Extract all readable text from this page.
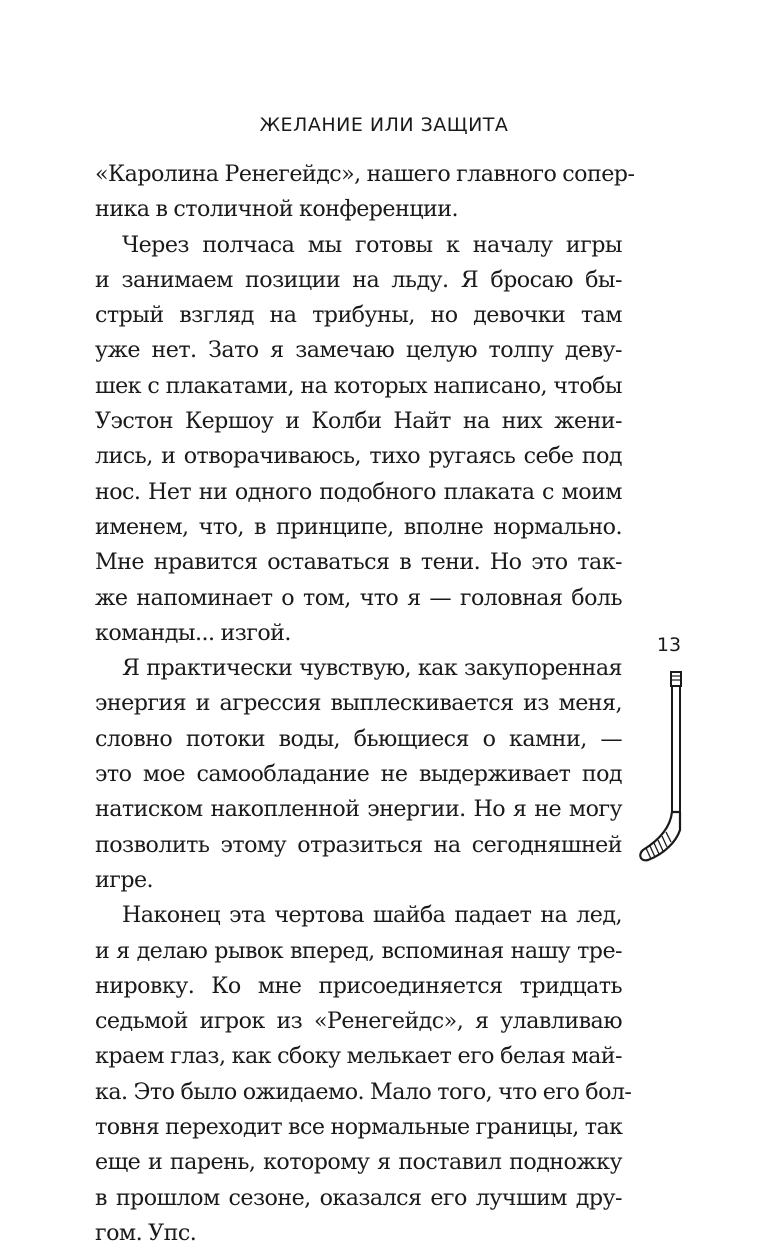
ЖЕЛАНИЕ ИЛИ ЗАЩИТА
«Каролина Ренегейдс», нашего главного сопер-
ника в столичной конференции.
Через полчаса мы готовы к началу игры
и занимаем позиции на льду. Я бросаю бы-
стрый взгляд на трибуны, но девочки там
уже нет. Зато я замечаю целую толпу деву-
шек с плакатами, на которых написано, чтобы
Уэстон Кершоу и Колби Найт на них жени-
лись, и отворачиваюсь, тихо ругаясь себе под
нос. Нет ни одного подобного плаката с моим
именем, что, в принципе, вполне нормально.
Мне нравится оставаться в тени. Но это так-
же напоминает о том, что я — головная боль
команды... изгой.
Я практически чувствую, как закупоренная
энергия и агрессия выплескивается из меня,
словно потоки воды, бьющиеся о камни, —
это мое самообладание не выдерживает под
натиском накопленной энергии. Но я не могу
позволить этому отразиться на сегодняшней
игре.
Наконец эта чертова шайба падает на лед,
и я делаю рывок вперед, вспоминая нашу тре-
нировку. Ко мне присоединяется тридцать
седьмой игрок из «Ренегейдс», я улавливаю
краем глаз, как сбоку мелькает его белая май-
ка. Это было ожидаемо. Мало того, что его бол-
товня переходит все нормальные границы, так
еще и парень, которому я поставил подножку
в прошлом сезоне, оказался его лучшим дру-
гом. Упс.
13
